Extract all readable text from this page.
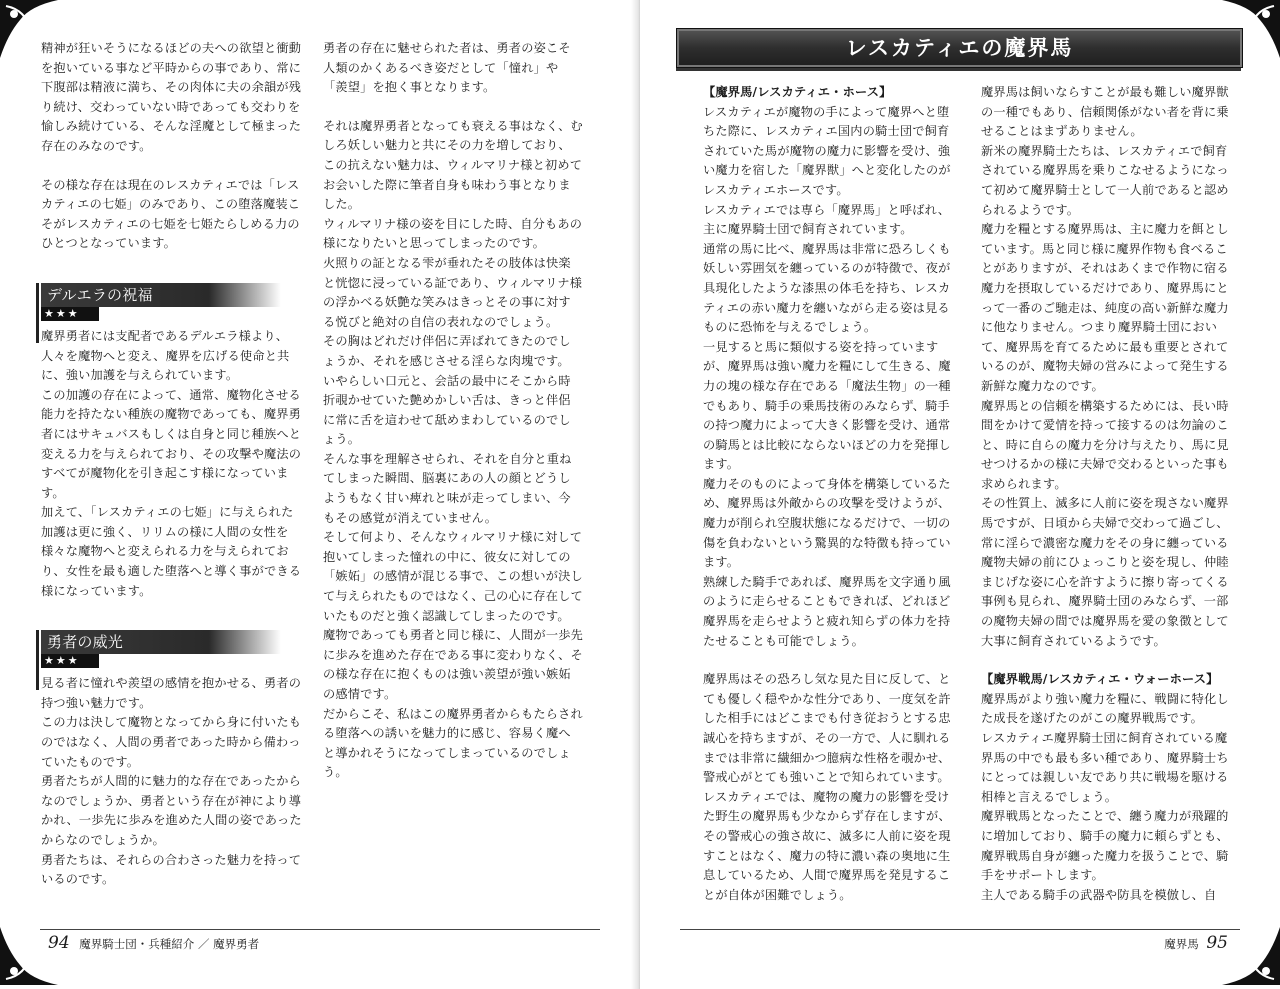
精神が狂いそうになるほどの夫への欲望と衝動を抱いている事など平時からの事であり、常に下腹部は精液に満ち、その肉体に夫の余韻が残り続け、交わっていない時であっても交わりを愉しみ続けている、そんな淫魔として極まった存在のみなのです。

その様な存在は現在のレスカティエでは「レスカティエの七姫」のみであり、この堕落魔装こそがレスカティエの七姫を七姫たらしめる力のひとつとなっています。

デルエラの祝福
★★★

魔界勇者には支配者であるデルエラ様より、人々を魔物へと変え、魔界を広げる使命と共に、強い加護を与えられています。

この加護の存在によって、通常、魔物化させる能力を持たない種族の魔物であっても、魔界勇者にはサキュバスもしくは自身と同じ種族へと変える力を与えられており、その攻撃や魔法のすべてが魔物化を引き起こす様になっています。

加えて、「レスカティエの七姫」に与えられた加護は更に強く、リリムの様に人間の女性を様々な魔物へと変えられる力を与えられており、女性を最も適した堕落へと導く事ができる様になっています。

勇者の威光
★★★

見る者に憧れや羨望の感情を抱かせる、勇者の持つ強い魅力です。

この力は決して魔物となってから身に付いたものではなく、人間の勇者であった時から備わっていたものです。

勇者たちが人間的に魅力的な存在であったからなのでしょうか、勇者という存在が神により導かれ、一歩先に歩みを進めた人間の姿であったからなのでしょうか。

勇者たちは、それらの合わさった魅力を持っているのです。

勇者の存在に魅せられた者は、勇者の姿こそ人類のかくあるべき姿だとして「憧れ」や「羨望」を抱く事となります。

それは魔界勇者となっても衰える事はなく、むしろ妖しい魅力と共にその力を増しており、この抗えない魅力は、ウィルマリナ様と初めてお会いした際に筆者自身も味わう事となりました。

ウィルマリナ様の姿を目にした時、自分もあの様になりたいと思ってしまったのです。

火照りの証となる雫が垂れたその肢体は快楽と恍惚に浸っている証であり、ウィルマリナ様の浮かべる妖艶な笑みはきっとその事に対する悦びと絶対の自信の表れなのでしょう。

その胸はどれだけ伴侶に弄ばれてきたのでしょうか、それを感じさせる淫らな肉塊です。

いやらしい口元と、会話の最中にそこから時折覗かせていた艶めかしい舌は、きっと伴侶に常に舌を這わせて舐めまわしているのでしょう。

そんな事を理解させられ、それを自分と重ねてしまった瞬間、脳裏にあの人の顔とどうしようもなく甘い痺れと味が走ってしまい、今もその感覚が消えていません。

そして何より、そんなウィルマリナ様に対して抱いてしまった憧れの中に、彼女に対しての「嫉妬」の感情が混じる事で、この想いが決して与えられたものではなく、己の心に存在していたものだと強く認識してしまったのです。

魔物であっても勇者と同じ様に、人間が一歩先に歩みを進めた存在である事に変わりなく、その様な存在に抱くものは強い羨望が強い嫉妬の感情です。

だからこそ、私はこの魔界勇者からもたらされる堕落への誘いを魅力的に感じ、容易く魔へと導かれそうになってしまっているのでしょう。

94 魔界騎士団・兵種紹介 ／ 魔界勇者	魔界馬 95
レスカティエの魔界馬

【魔界馬/レスカティエ・ホース】

レスカティエが魔物の手によって魔界へと堕ちた際に、レスカティエ国内の騎士団で飼育されていた馬が魔物の魔力に影響を受け、強い魔力を宿した「魔界獣」へと変化したのがレスカティエホースです。

レスカティエでは専ら「魔界馬」と呼ばれ、主に魔界騎士団で飼育されています。

通常の馬に比べ、魔界馬は非常に恐ろしくも妖しい雰囲気を纏っているのが特徴で、夜が具現化したような漆黒の体毛を持ち、レスカティエの赤い魔力を纏いながら走る姿は見るものに恐怖を与えるでしょう。

一見すると馬に類似する姿を持っていますが、魔界馬は強い魔力を糧にして生きる、魔力の塊の様な存在である「魔法生物」の一種でもあり、騎手の乗馬技術のみならず、騎手の持つ魔力によって大きく影響を受け、通常の騎馬とは比較にならないほどの力を発揮します。

魔力そのものによって身体を構築しているため、魔界馬は外敵からの攻撃を受けようが、魔力が削られ空腹状態になるだけで、一切の傷を負わないという驚異的な特徴も持っています。

熟練した騎手であれば、魔界馬を文字通り風のように走らせることもできれば、どれほど魔界馬を走らせようと疲れ知らずの体力を持たせることも可能でしょう。

魔界馬はその恐ろし気な見た目に反して、とても優しく穏やかな性分であり、一度気を許した相手にはどこまでも付き従おうとする忠誠心を持ちますが、その一方で、人に馴れるまでは非常に繊細かつ臆病な性格を覗かせ、警戒心がとても強いことで知られています。

レスカティエでは、魔物の魔力の影響を受けた野生の魔界馬も少なからず存在しますが、その警戒心の強さ故に、滅多に人前に姿を現すことはなく、魔力の特に濃い森の奥地に生息しているため、人間で魔界馬を発見することが自体が困難でしょう。

魔界馬は飼いならすことが最も難しい魔界獣の一種でもあり、信頼関係がない者を背に乗せることはまずありません。

新米の魔界騎士たちは、レスカティエで飼育されている魔界馬を乗りこなせるようになって初めて魔界騎士として一人前であると認められるようです。

魔力を糧とする魔界馬は、主に魔力を餌としています。馬と同じ様に魔界作物も食べることがありますが、それはあくまで作物に宿る魔力を摂取しているだけであり、魔界馬にとって一番のご馳走は、純度の高い新鮮な魔力に他なりません。つまり魔界騎士団において、魔界馬を育てるために最も重要とされているのが、魔物夫婦の営みによって発生する新鮮な魔力なのです。

魔界馬との信頼を構築するためには、長い時間をかけて愛情を持って接するのは勿論のこと、時に自らの魔力を分け与えたり、馬に見せつけるかの様に夫婦で交わるといった事も求められます。

その性質上、滅多に人前に姿を現さない魔界馬ですが、日頃から夫婦で交わって過ごし、常に淫らで濃密な魔力をその身に纏っている魔物夫婦の前にひょっこりと姿を現し、仲睦まじげな姿に心を許すように擦り寄ってくる事例も見られ、魔界騎士団のみならず、一部の魔物夫婦の間では魔界馬を愛の象徴として大事に飼育されているようです。

【魔界戦馬/レスカティエ・ウォーホース】

魔界馬がより強い魔力を糧に、戦闘に特化した成長を遂げたのがこの魔界戦馬です。

レスカティエ魔界騎士団に飼育されている魔界馬の中でも最も多い種であり、魔界騎士ちにとっては親しい友であり共に戦場を駆ける相棒と言えるでしょう。

魔界戦馬となったことで、纏う魔力が飛躍的に増加しており、騎手の魔力に頼らずとも、魔界戦馬自身が纏った魔力を扱うことで、騎手をサポートします。

主人である騎手の武器や防具を模倣し、自
